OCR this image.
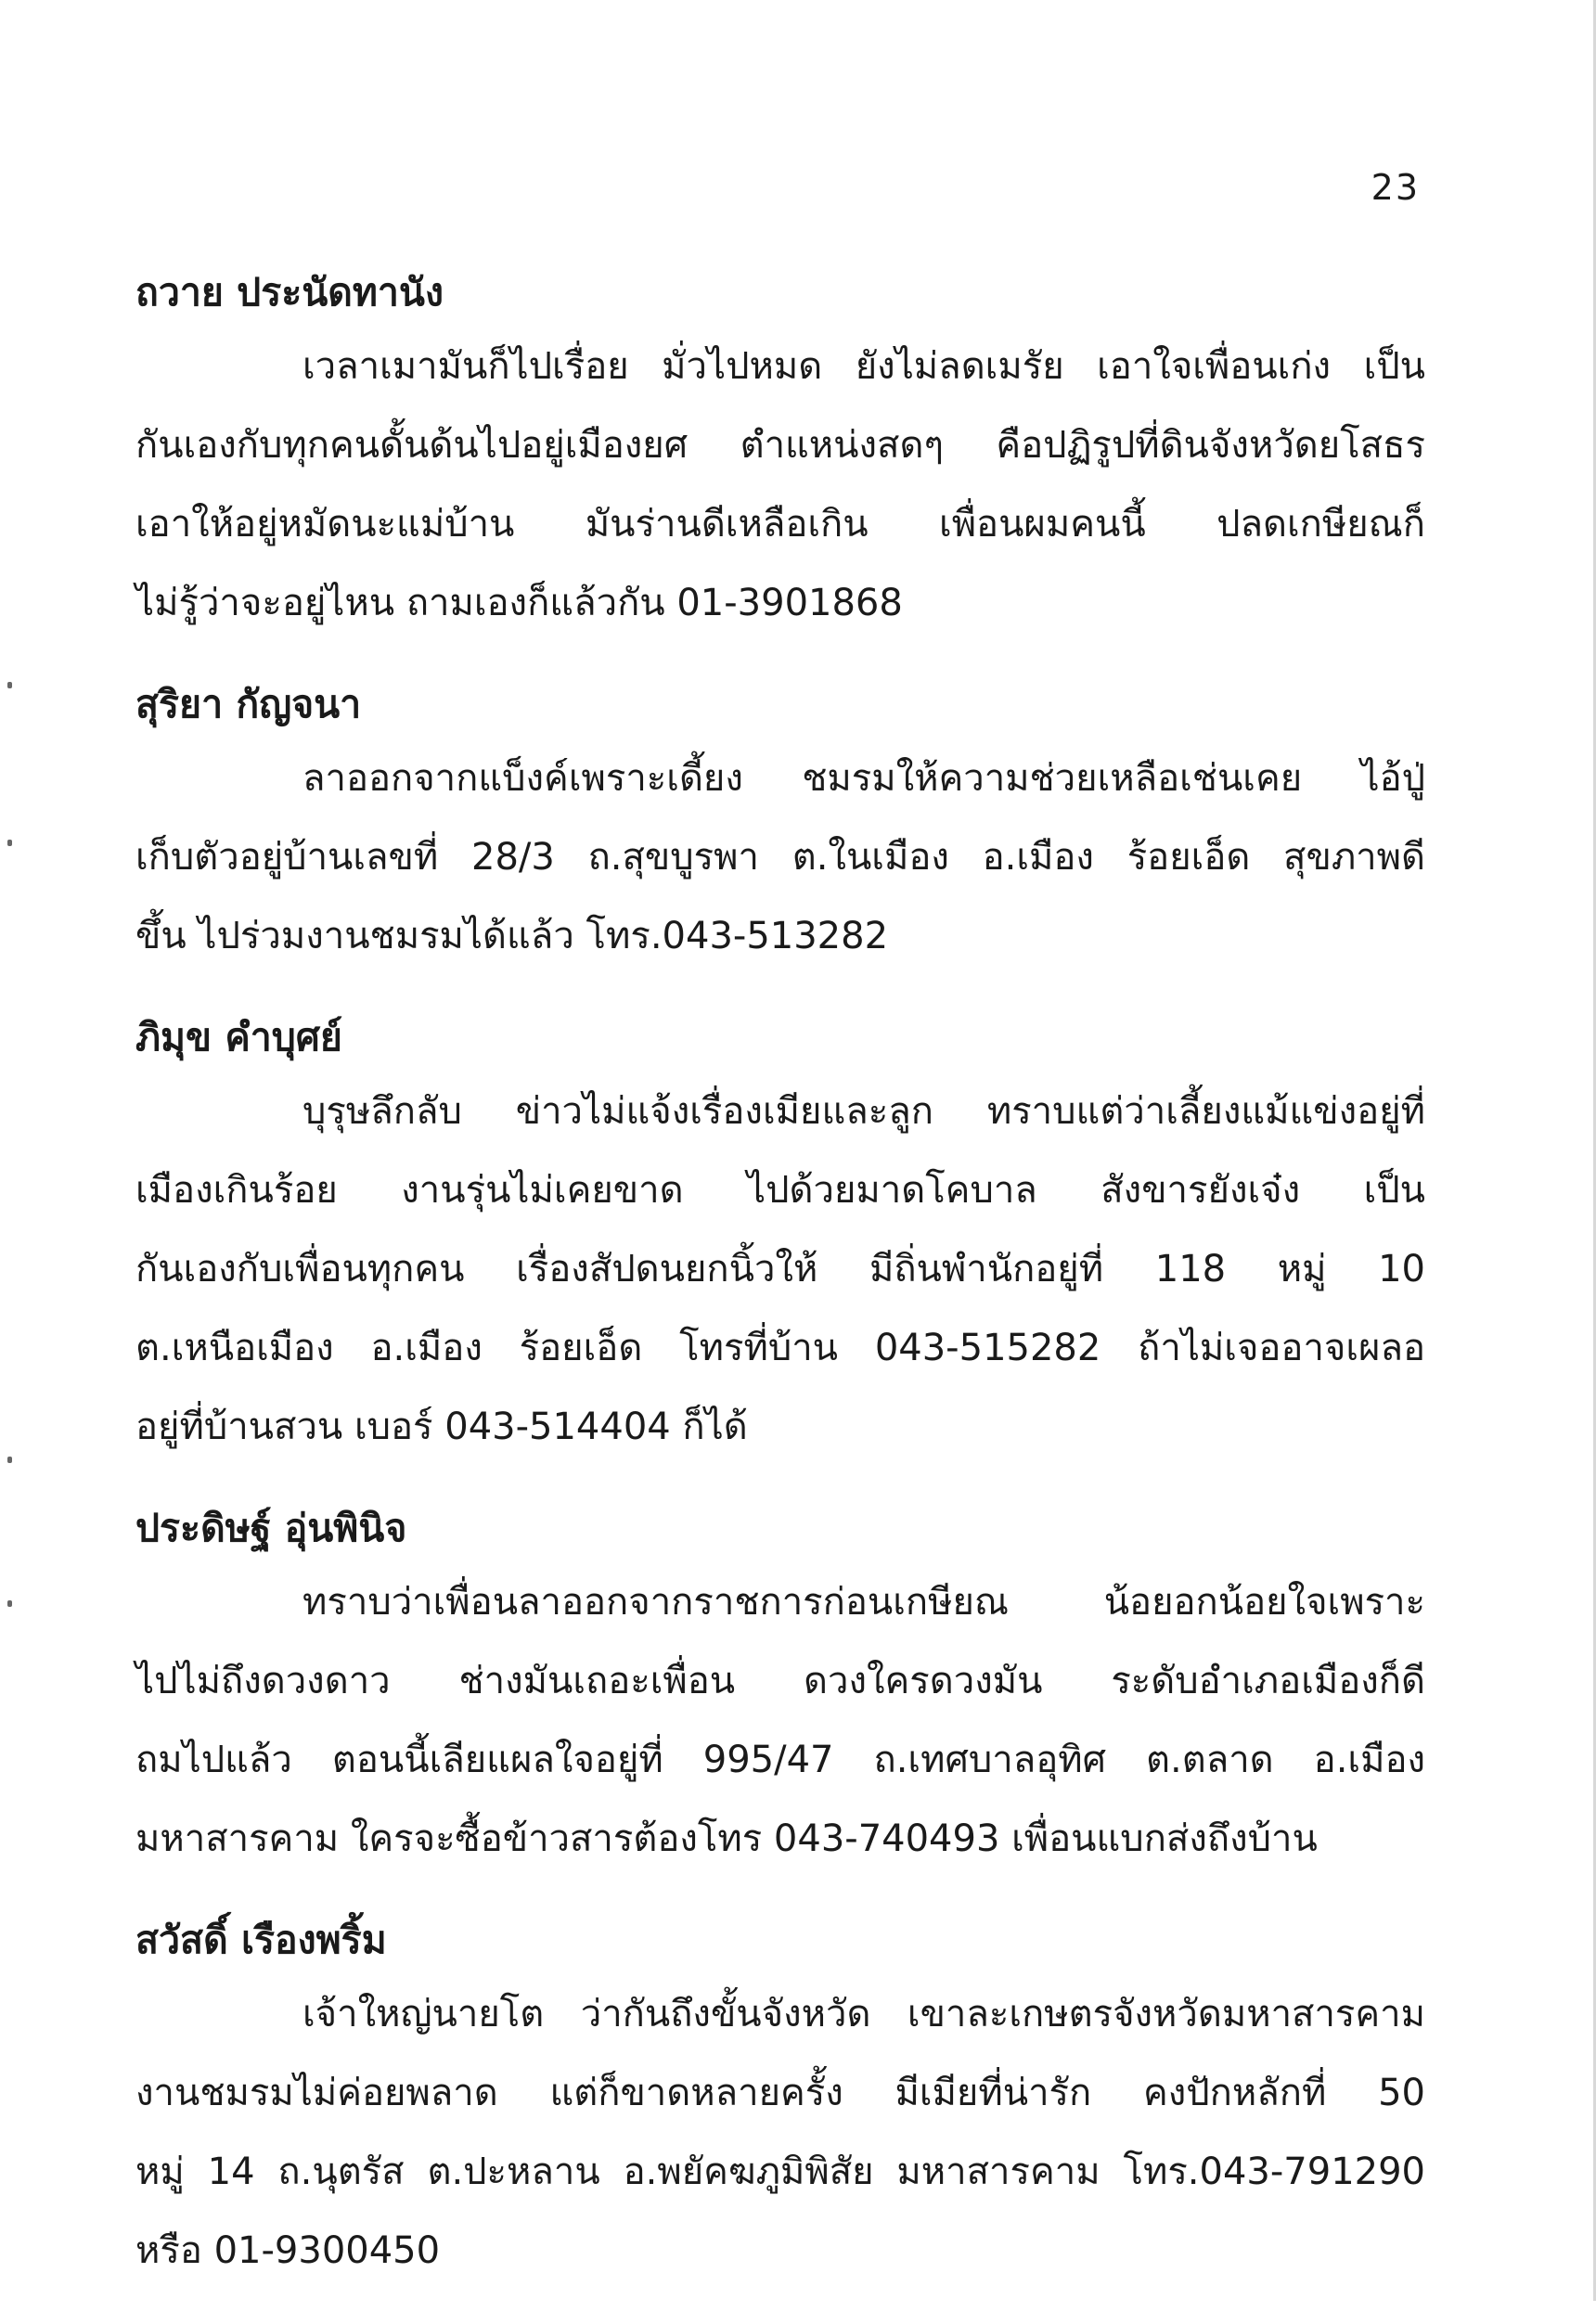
23
ถวาย ประนัดทานัง

เวลาเมามันก็ไปเรื่อย มั่วไปหมด ยังไม่ลดเมรัย เอาใจเพื่อนเก่ง เป็น
กันเองกับทุกคนดั้นด้นไปอยู่เมืองยศ ตำแหน่งสดๆ คือปฏิรูปที่ดินจังหวัดยโสธร
เอาให้อยู่หมัดนะแม่บ้าน มันร่านดีเหลือเกิน เพื่อนผมคนนี้ ปลดเกษียณก็
ไม่รู้ว่าจะอยู่ไหน ถามเองก็แล้วกัน 01-3901868

สุริยา กัญจนา

ลาออกจากแบ็งค์เพราะเดี้ยง ชมรมให้ความช่วยเหลือเช่นเคย ไอ้ปู่
เก็บตัวอยู่บ้านเลขที่ 28/3 ถ.สุขบูรพา ต.ในเมือง อ.เมือง ร้อยเอ็ด สุขภาพดี
ขึ้น ไปร่วมงานชมรมได้แล้ว โทร.043-513282

ภิมุข คำบุศย์

บุรุษลึกลับ ข่าวไม่แจ้งเรื่องเมียและลูก ทราบแต่ว่าเลี้ยงแม้แข่งอยู่ที่
เมืองเกินร้อย งานรุ่นไม่เคยขาด ไปด้วยมาดโคบาล สังขารยังเจ๋ง เป็น
กันเองกับเพื่อนทุกคน เรื่องสัปดนยกนิ้วให้ มีถิ่นพำนักอยู่ที่ 118 หมู่ 10
ต.เหนือเมือง อ.เมือง ร้อยเอ็ด โทรที่บ้าน 043-515282 ถ้าไม่เจออาจเผลอ
อยู่ที่บ้านสวน เบอร์ 043-514404 ก็ได้

ประดิษฐ์ อุ่นพินิจ

ทราบว่าเพื่อนลาออกจากราชการก่อนเกษียณ น้อยอกน้อยใจเพราะ
ไปไม่ถึงดวงดาว ช่างมันเถอะเพื่อน ดวงใครดวงมัน ระดับอำเภอเมืองก็ดี
ถมไปแล้ว ตอนนี้เลียแผลใจอยู่ที่ 995/47 ถ.เทศบาลอุทิศ ต.ตลาด อ.เมือง
มหาสารคาม ใครจะซื้อข้าวสารต้องโทร 043-740493 เพื่อนแบกส่งถึงบ้าน

สวัสดิ์ เรืองพริ้ม

เจ้าใหญ่นายโต ว่ากันถึงขั้นจังหวัด เขาละเกษตรจังหวัดมหาสารคาม
งานชมรมไม่ค่อยพลาด แต่ก็ขาดหลายครั้ง มีเมียที่น่ารัก คงปักหลักที่ 50
หมู่ 14 ถ.นุตรัส ต.ปะหลาน อ.พยัคฆภูมิพิสัย มหาสารคาม โทร.043-791290
หรือ 01-9300450
